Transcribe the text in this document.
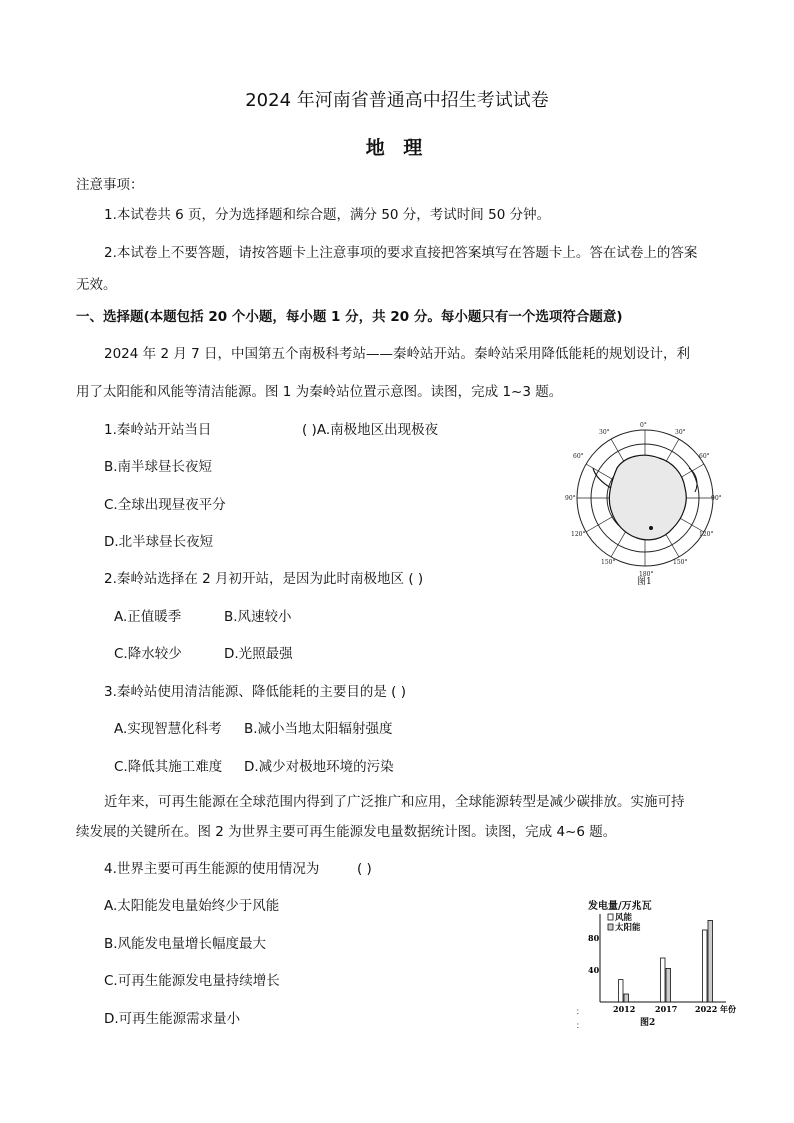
2024 年河南省普通高中招生考试试卷
地 理
注意事项：
1.本试卷共 6 页，分为选择题和综合题，满分 50 分，考试时间 50 分钟。
2.本试卷上不要答题，请按答题卡上注意事项的要求直接把答案填写在答题卡上。答在试卷上的答案
无效。
一、选择题(本题包括 20 个小题，每小题 1 分，共 20 分。每小题只有一个选项符合题意)
2024 年 2 月 7 日，中国第五个南极科考站——秦岭站开站。秦岭站采用降低能耗的规划设计，利
用了太阳能和风能等清洁能源。图 1 为秦岭站位置示意图。读图，完成 1~3 题。
1.秦岭站开站当日	( )A.南极地区出现极夜
B.南半球昼长夜短
C.全球出现昼夜平分
D.北半球昼长夜短
2.秦岭站选择在 2 月初开站，是因为此时南极地区 ( )
A.正值暖季	B.风速较小
C.降水较少	D.光照最强
3.秦岭站使用清洁能源、降低能耗的主要目的是 ( )
A.实现智慧化科考 B.减小当地太阳辐射强度
C.降低其施工难度 D.减少对极地环境的污染
近年来，可再生能源在全球范围内得到了广泛推广和应用，全球能源转型是减少碳排放。实施可持
续发展的关键所在。图 2 为世界主要可再生能源发电量数据统计图。读图，完成 4~6 题。
4.世界主要可再生能源的使用情况为	( )
A.太阳能发电量始终少于风能
B.风能发电量增长幅度最大
C.可再生能源发电量持续增长
D.可再生能源需求量小
0°
30°
60°
90°
120°
150°
180°
150°
120°
90°
60°
30°
图1
发电量/万兆瓦
风能
太阳能
40
80
2012 2017 2022 年份
：
：	图2
